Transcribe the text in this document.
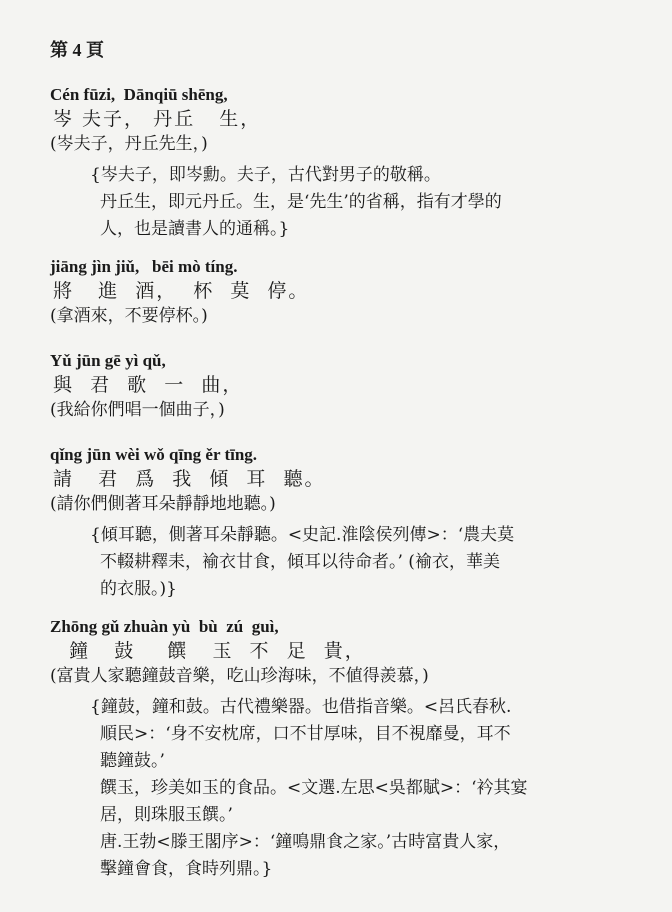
第 4 頁
Cén fūzi,  Dānqiū shēng,
岑 夫子， 丹丘   生，
(岑夫子，丹丘先生，)
{岑夫子，即岑勳。夫子，古代對男子的敬稱。
丹丘生，即元丹丘。生，是‘先生’的省稱，指有才學的
人，也是讀書人的通稱。}
jiāng jìn jiǔ,   bēi mò tíng.
將   進  酒，  杯  莫  停。
(拿酒來，不要停杯。)
Yǔ jūn gē yì qǔ,
與  君  歌  一  曲，
(我給你們唱一個曲子，)
qǐng jūn wèi wǒ qīng ěr tīng.
請   君  爲  我  傾  耳  聽。
(請你們側著耳朵靜靜地地聽。)
{傾耳聽，側著耳朵靜聽。<史記.淮陰侯列傳>：‘農夫莫
不輟耕釋耒，褕衣甘食，傾耳以待命者。’ (褕衣，華美
的衣服。)}
Zhōng gǔ zhuàn yù  bù  zú  guì,
鐘   鼓    饌   玉  不  足  貴，
(富貴人家聽鐘鼓音樂，吃山珍海味，不値得羨慕，)
{鐘鼓，鐘和鼓。古代禮樂器。也借指音樂。<呂氏春秋.
順民>：‘身不安枕席，口不甘厚味，目不視靡曼，耳不
聽鐘鼓。’
饌玉，珍美如玉的食品。<文選.左思<吳都賦>：‘衿其宴
居，則珠服玉饌。’
唐.王勃<滕王閣序>：‘鐘鳴鼎食之家。’古時富貴人家，
擊鐘會食，食時列鼎。}
